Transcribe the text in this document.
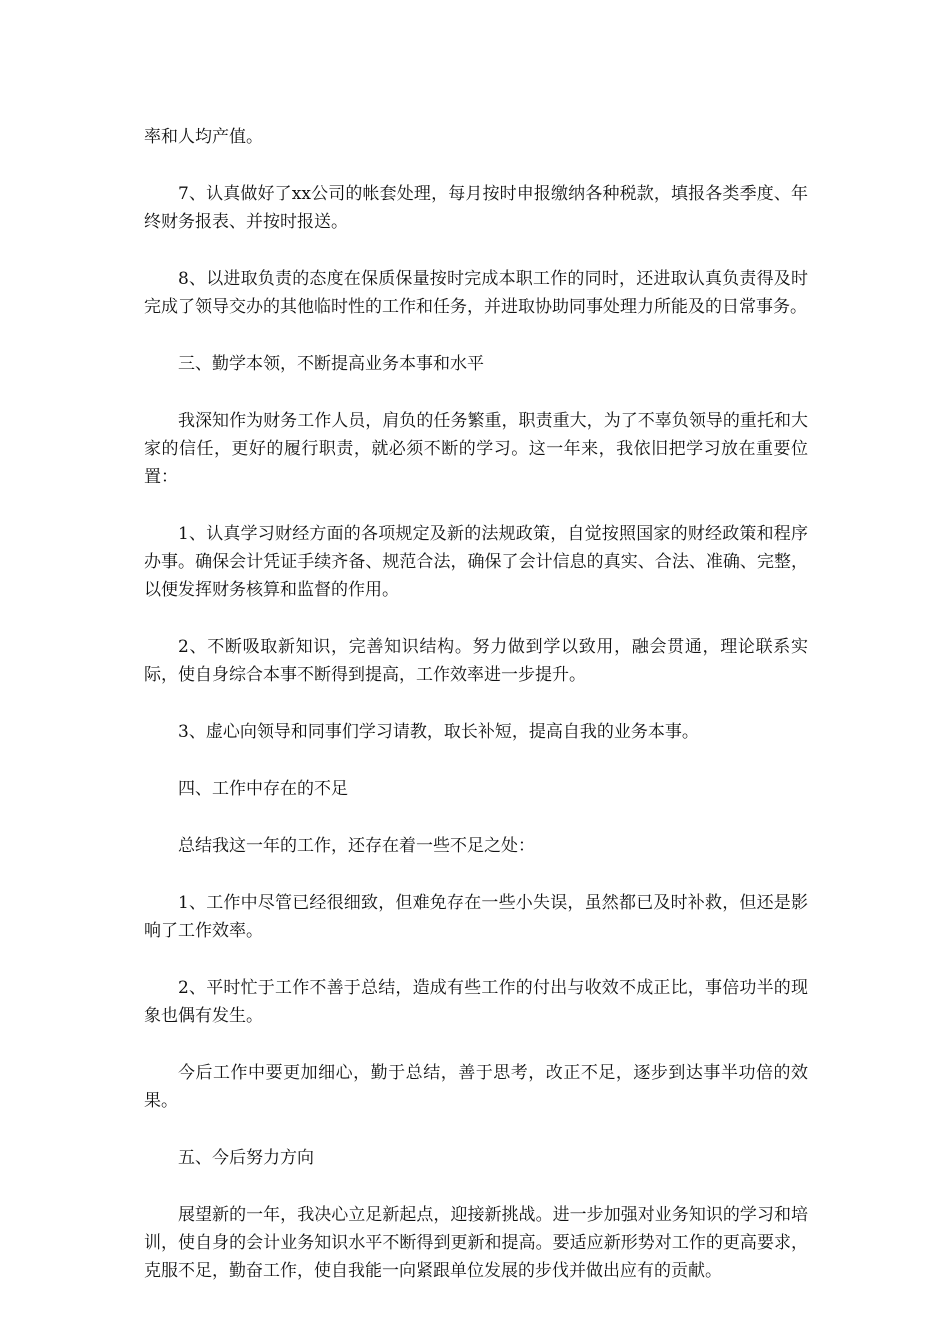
率和人均产值。

7、认真做好了xx公司的帐套处理，每月按时申报缴纳各种税款，填报各类季度、年终财务报表、并按时报送。

8、以进取负责的态度在保质保量按时完成本职工作的同时，还进取认真负责得及时完成了领导交办的其他临时性的工作和任务，并进取协助同事处理力所能及的日常事务。

三、勤学本领，不断提高业务本事和水平

我深知作为财务工作人员，肩负的任务繁重，职责重大，为了不辜负领导的重托和大家的信任，更好的履行职责，就必须不断的学习。这一年来，我依旧把学习放在重要位置：

1、认真学习财经方面的各项规定及新的法规政策，自觉按照国家的财经政策和程序办事。确保会计凭证手续齐备、规范合法，确保了会计信息的真实、合法、准确、完整，以便发挥财务核算和监督的作用。

2、不断吸取新知识，完善知识结构。努力做到学以致用，融会贯通，理论联系实际，使自身综合本事不断得到提高，工作效率进一步提升。

3、虚心向领导和同事们学习请教，取长补短，提高自我的业务本事。

四、工作中存在的不足

总结我这一年的工作，还存在着一些不足之处：

1、工作中尽管已经很细致，但难免存在一些小失误，虽然都已及时补救，但还是影响了工作效率。

2、平时忙于工作不善于总结，造成有些工作的付出与收效不成正比，事倍功半的现象也偶有发生。

今后工作中要更加细心，勤于总结，善于思考，改正不足，逐步到达事半功倍的效果。

五、今后努力方向

展望新的一年，我决心立足新起点，迎接新挑战。进一步加强对业务知识的学习和培训，使自身的会计业务知识水平不断得到更新和提高。要适应新形势对工作的更高要求，克服不足，勤奋工作，使自我能一向紧跟单位发展的步伐并做出应有的贡献。
